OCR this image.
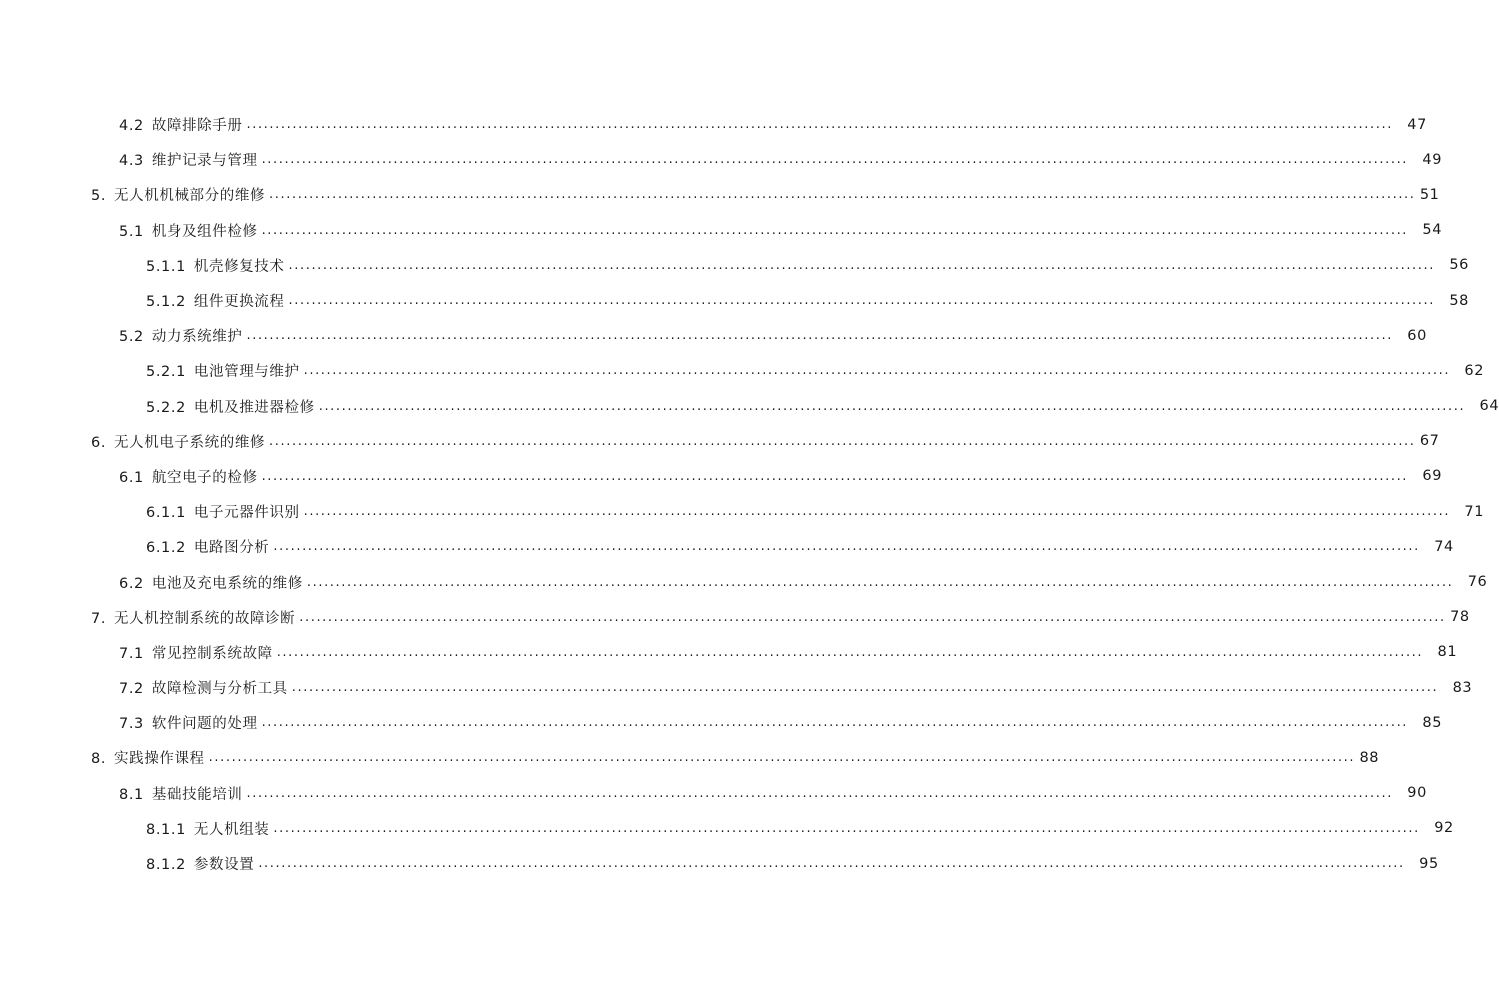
4.2 故障排除手册 ........................................................................................................................................................................................................ 47
4.3 维护记录与管理 ........................................................................................................................................................................................................ 49
5. 无人机机械部分的维修 ........................................................................................................................................................................................................ 51
5.1 机身及组件检修 ........................................................................................................................................................................................................ 54
5.1.1 机壳修复技术 ........................................................................................................................................................................................................ 56
5.1.2 组件更换流程 ........................................................................................................................................................................................................ 58
5.2 动力系统维护 ........................................................................................................................................................................................................ 60
5.2.1 电池管理与维护 ........................................................................................................................................................................................................ 62
5.2.2 电机及推进器检修 ........................................................................................................................................................................................................ 64
6. 无人机电子系统的维修 ........................................................................................................................................................................................................ 67
6.1 航空电子的检修 ........................................................................................................................................................................................................ 69
6.1.1 电子元器件识别 ........................................................................................................................................................................................................ 71
6.1.2 电路图分析 ........................................................................................................................................................................................................ 74
6.2 电池及充电系统的维修 ........................................................................................................................................................................................................ 76
7. 无人机控制系统的故障诊断 ........................................................................................................................................................................................................ 78
7.1 常见控制系统故障 ........................................................................................................................................................................................................ 81
7.2 故障检测与分析工具 ........................................................................................................................................................................................................ 83
7.3 软件问题的处理 ........................................................................................................................................................................................................ 85
8. 实践操作课程 ........................................................................................................................................................................................................ 88
8.1 基础技能培训 ........................................................................................................................................................................................................ 90
8.1.1 无人机组装 ........................................................................................................................................................................................................ 92
8.1.2 参数设置 ........................................................................................................................................................................................................ 95
